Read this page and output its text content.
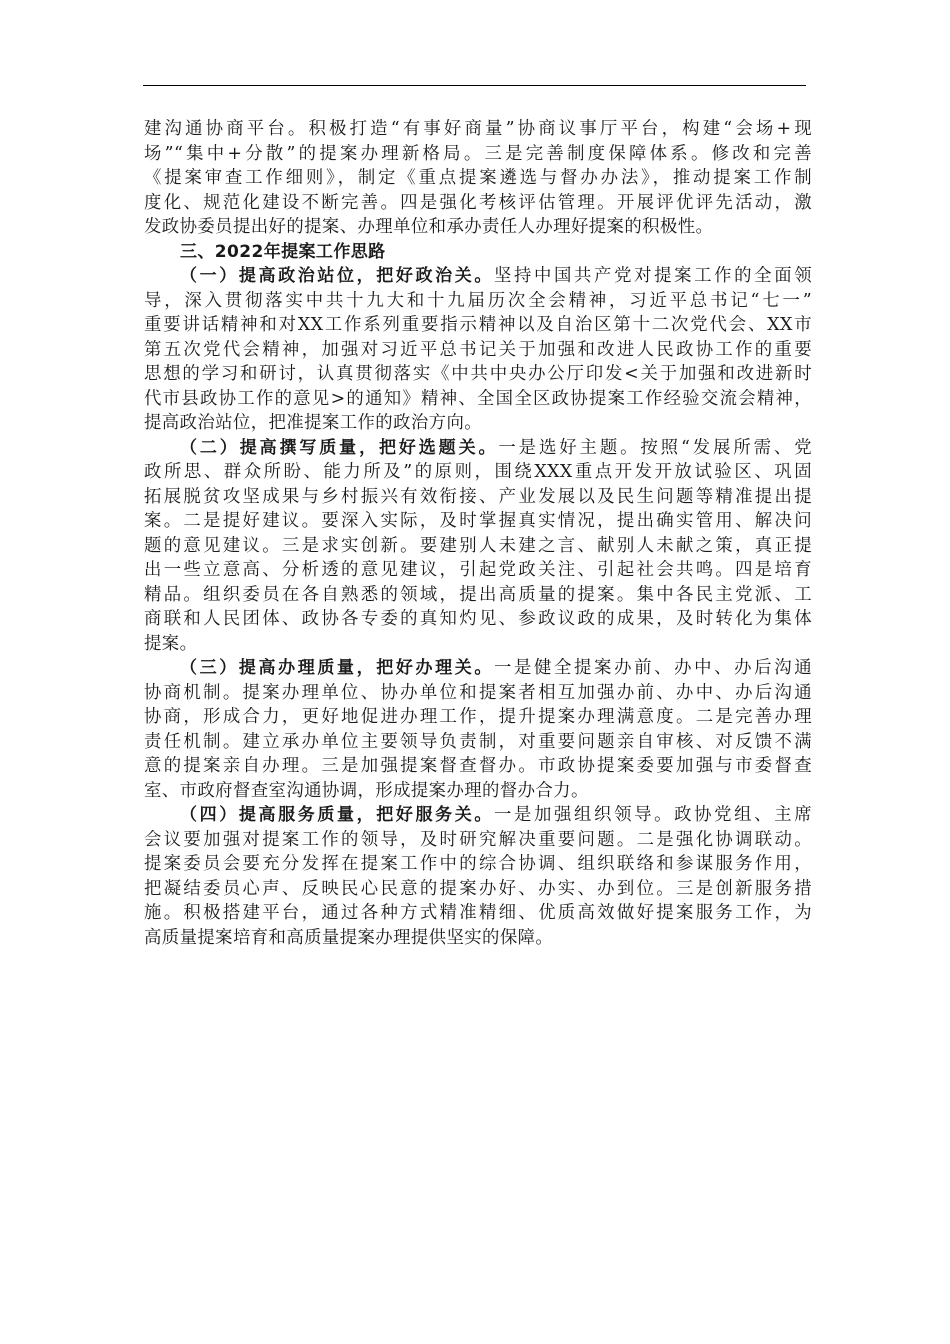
建沟通协商平台。积极打造“有事好商量”协商议事厅平台，构建“会场+现
场”“集中+分散”的提案办理新格局。三是完善制度保障体系。修改和完善
《提案审查工作细则》，制定《重点提案遴选与督办办法》，推动提案工作制
度化、规范化建设不断完善。四是强化考核评估管理。开展评优评先活动，激
发政协委员提出好的提案、办理单位和承办责任人办理好提案的积极性。
三、2022年提案工作思路
（一）提高政治站位，把好政治关。坚持中国共产党对提案工作的全面领
导，深入贯彻落实中共十九大和十九届历次全会精神，习近平总书记“七一”
重要讲话精神和对XX工作系列重要指示精神以及自治区第十二次党代会、XX市
第五次党代会精神，加强对习近平总书记关于加强和改进人民政协工作的重要
思想的学习和研讨，认真贯彻落实《中共中央办公厅印发<关于加强和改进新时
代市县政协工作的意见>的通知》精神、全国全区政协提案工作经验交流会精神，
提高政治站位，把准提案工作的政治方向。
（二）提高撰写质量，把好选题关。一是选好主题。按照“发展所需、党
政所思、群众所盼、能力所及”的原则，围绕XXX重点开发开放试验区、巩固
拓展脱贫攻坚成果与乡村振兴有效衔接、产业发展以及民生问题等精准提出提
案。二是提好建议。要深入实际，及时掌握真实情况，提出确实管用、解决问
题的意见建议。三是求实创新。要建别人未建之言、献别人未献之策，真正提
出一些立意高、分析透的意见建议，引起党政关注、引起社会共鸣。四是培育
精品。组织委员在各自熟悉的领域，提出高质量的提案。集中各民主党派、工
商联和人民团体、政协各专委的真知灼见、参政议政的成果，及时转化为集体
提案。
（三）提高办理质量，把好办理关。一是健全提案办前、办中、办后沟通
协商机制。提案办理单位、协办单位和提案者相互加强办前、办中、办后沟通
协商，形成合力，更好地促进办理工作，提升提案办理满意度。二是完善办理
责任机制。建立承办单位主要领导负责制，对重要问题亲自审核、对反馈不满
意的提案亲自办理。三是加强提案督查督办。市政协提案委要加强与市委督查
室、市政府督查室沟通协调，形成提案办理的督办合力。
（四）提高服务质量，把好服务关。一是加强组织领导。政协党组、主席
会议要加强对提案工作的领导，及时研究解决重要问题。二是强化协调联动。
提案委员会要充分发挥在提案工作中的综合协调、组织联络和参谋服务作用，
把凝结委员心声、反映民心民意的提案办好、办实、办到位。三是创新服务措
施。积极搭建平台，通过各种方式精准精细、优质高效做好提案服务工作，为
高质量提案培育和高质量提案办理提供坚实的保障。
